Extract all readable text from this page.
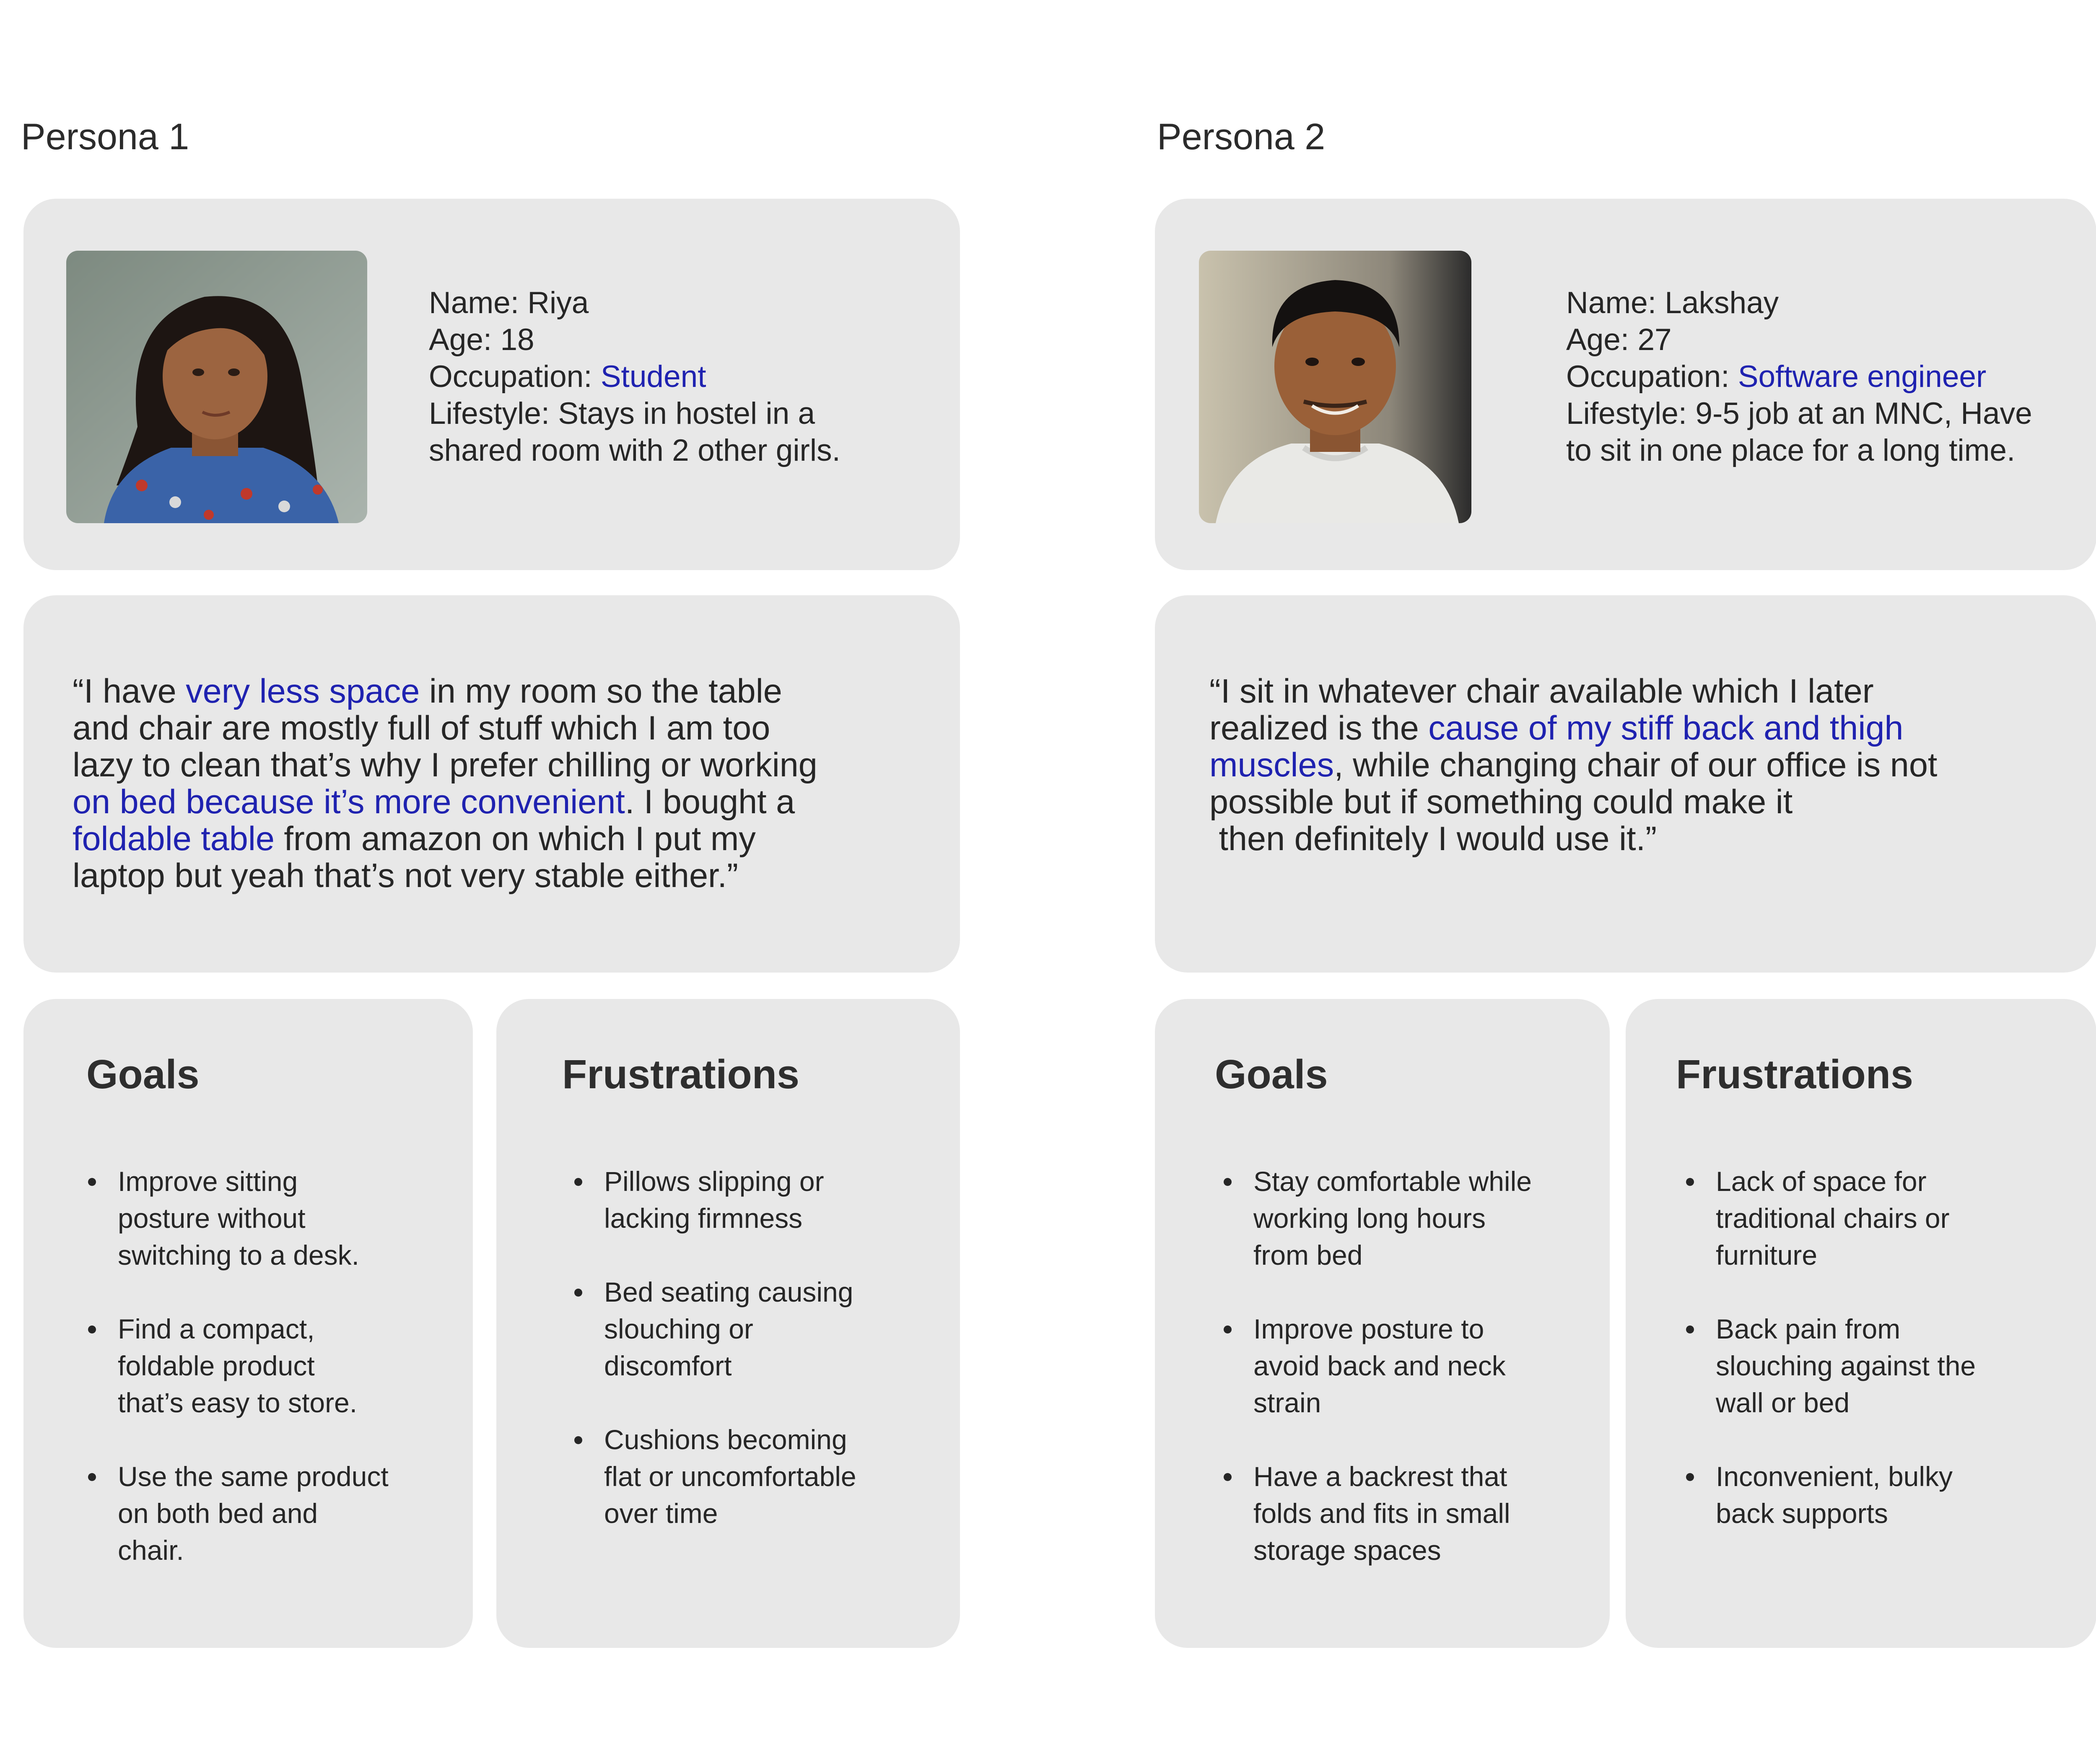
Persona 1
Name: Riya
Age: 18
Occupation: Student
Lifestyle: Stays in hostel in a
shared room with 2 other girls.
“I have very less space in my room so the table
and chair are mostly full of stuff which I am too
lazy to clean that’s why I prefer chilling or working
on bed because it’s more convenient. I bought a
foldable table from amazon on which I put my
laptop but yeah that’s not very stable either.”
Goals
Improve sitting
posture without
switching to a desk.
Find a compact,
foldable product
that’s easy to store.
Use the same product
on both bed and
chair.
Frustrations
Pillows slipping or
lacking firmness
Bed seating causing
slouching or
discomfort
Cushions becoming
flat or uncomfortable
over time
Persona 2
Name: Lakshay
Age: 27
Occupation: Software engineer
Lifestyle: 9-5 job at an MNC, Have
to sit in one place for a long time.
“I sit in whatever chair available which I later
realized is the cause of my stiff back and thigh
muscles, while changing chair of our office is not
possible but if something could make it
then definitely I would use it.”
Goals
Stay comfortable while
working long hours
from bed
Improve posture to
avoid back and neck
strain
Have a backrest that
folds and fits in small
storage spaces
Frustrations
Lack of space for
traditional chairs or
furniture
Back pain from
slouching against the
wall or bed
Inconvenient, bulky
back supports
